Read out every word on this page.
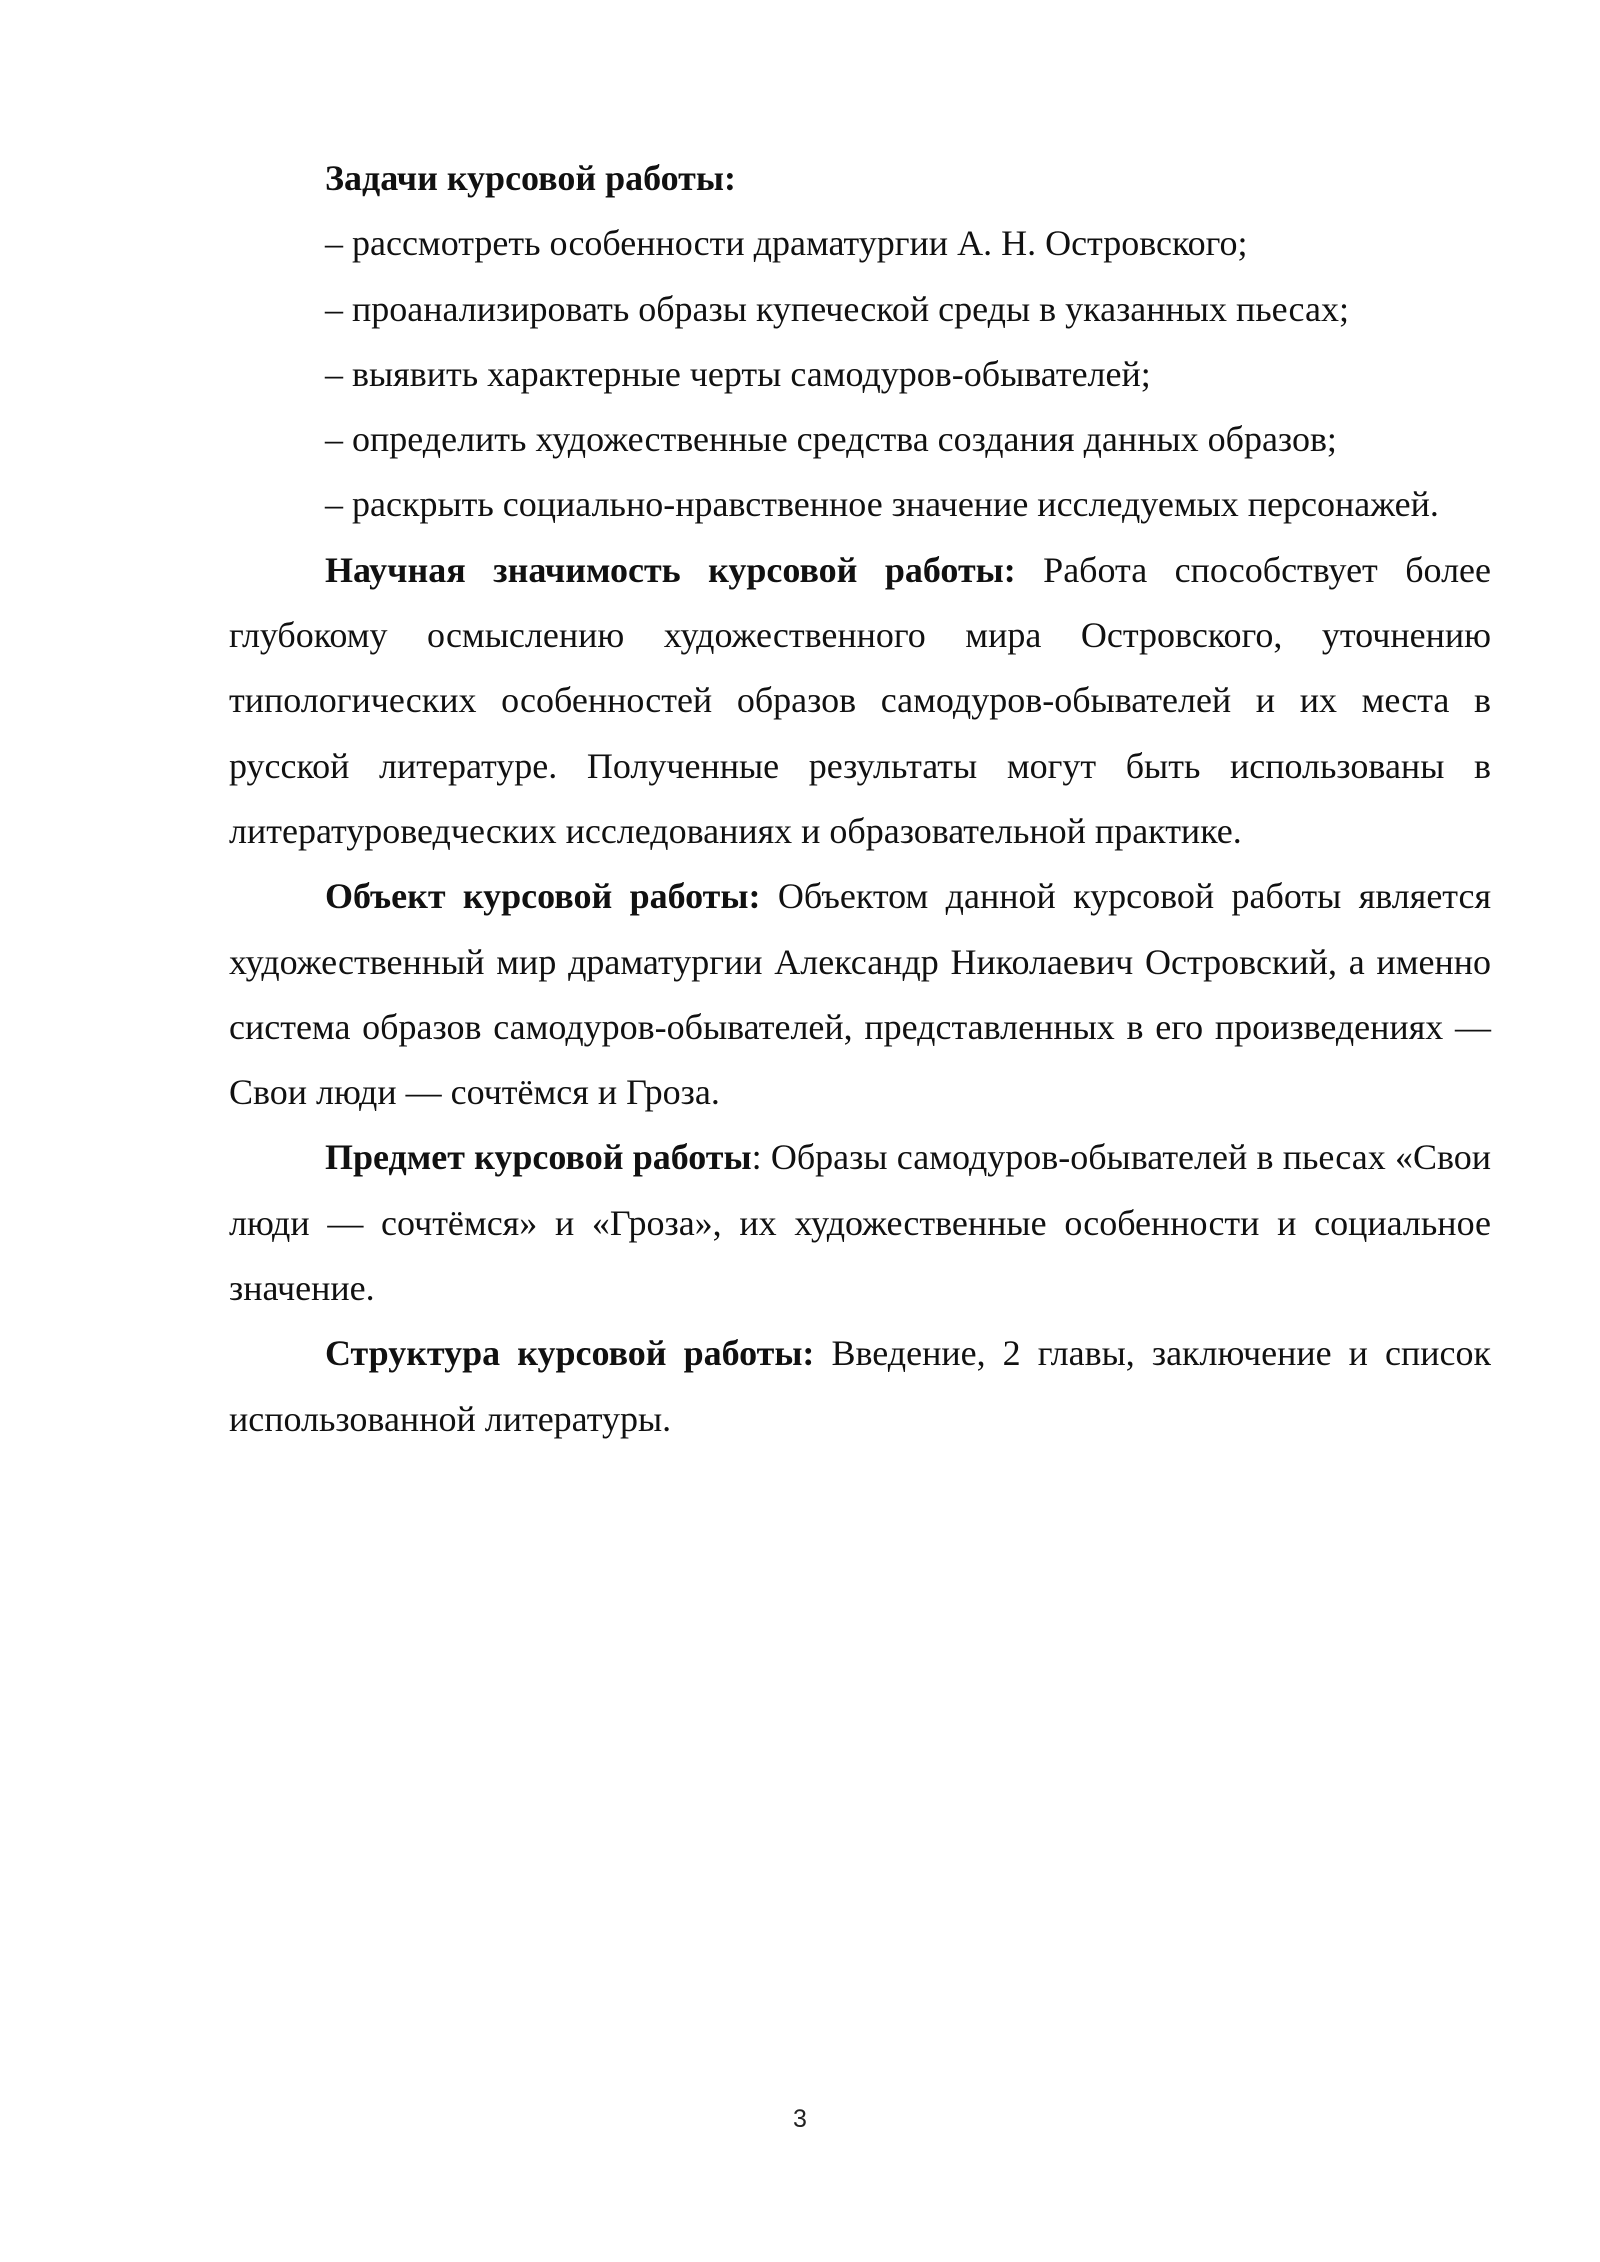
Задачи курсовой работы:

– рассмотреть особенности драматургии А. Н. Островского;

– проанализировать образы купеческой среды в указанных пьесах;

– выявить характерные черты самодуров-обывателей;

– определить художественные средства создания данных образов;

– раскрыть социально-нравственное значение исследуемых персонажей.

Научная значимость курсовой работы: Работа способствует более глубокому осмыслению художественного мира Островского, уточнению типологических особенностей образов самодуров-обывателей и их места в русской литературе. Полученные результаты могут быть использованы в литературоведческих исследованиях и образовательной практике.

Объект курсовой работы: Объектом данной курсовой работы является художественный мир драматургии Александр Николаевич Островский, а именно система образов самодуров-обывателей, представленных в его произведениях — Свои люди — сочтёмся и Гроза.

Предмет курсовой работы: Образы самодуров-обывателей в пьесах «Свои люди — сочтёмся» и «Гроза», их художественные особенности и социальное значение.

Структура курсовой работы: Введение, 2 главы, заключение и список использованной литературы.

3
